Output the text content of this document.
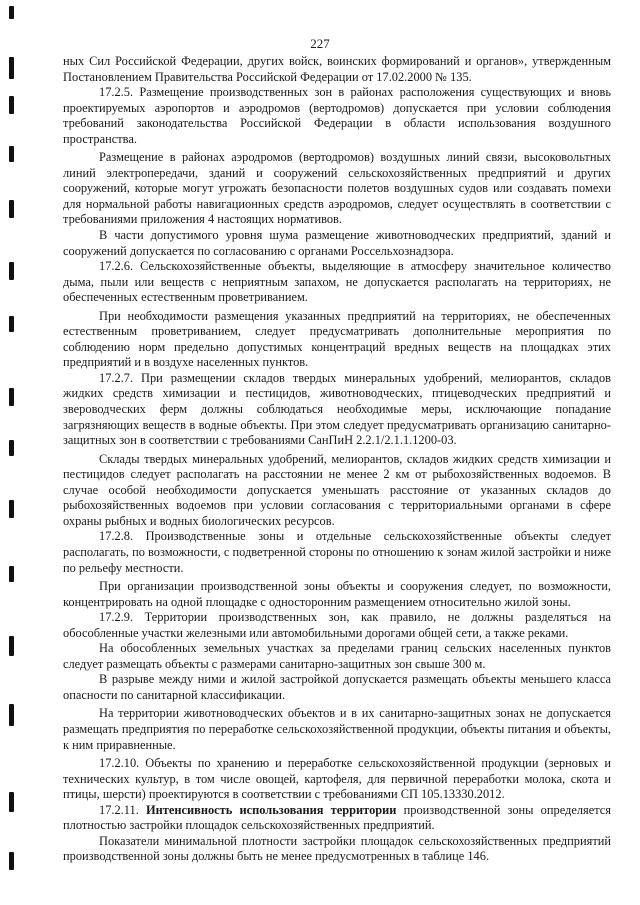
227

ных Сил Российской Федерации, других войск, воинских формирований и органов», утвержденным Постановлением Правительства Российской Федерации от 17.02.2000 № 135.

17.2.5. Размещение производственных зон в районах расположения существующих и вновь проектируемых аэропортов и аэродромов (вертодромов) допускается при условии соблюдения требований законодательства Российской Федерации в области использования воздушного пространства.

Размещение в районах аэродромов (вертодромов) воздушных линий связи, высоковольтных линий электропередачи, зданий и сооружений сельскохозяйственных предприятий и других сооружений, которые могут угрожать безопасности полетов воздушных судов или создавать помехи для нормальной работы навигационных средств аэродромов, следует осуществлять в соответствии с требованиями приложения 4 настоящих нормативов.

В части допустимого уровня шума размещение животноводческих предприятий, зданий и сооружений допускается по согласованию с органами Россельхознадзора.

17.2.6. Сельскохозяйственные объекты, выделяющие в атмосферу значительное количество дыма, пыли или веществ с неприятным запахом, не допускается располагать на территориях, не обеспеченных естественным проветриванием.

При необходимости размещения указанных предприятий на территориях, не обеспеченных естественным проветриванием, следует предусматривать дополнительные мероприятия по соблюдению норм предельно допустимых концентраций вредных веществ на площадках этих предприятий и в воздухе населенных пунктов.

17.2.7. При размещении складов твердых минеральных удобрений, мелиорантов, складов жидких средств химизации и пестицидов, животноводческих, птицеводческих предприятий и звероводческих ферм должны соблюдаться необходимые меры, исключающие попадание загрязняющих веществ в водные объекты. При этом следует предусматривать организацию санитарно-защитных зон в соответствии с требованиями СанПиН 2.2.1/2.1.1.1200-03.

Склады твердых минеральных удобрений, мелиорантов, складов жидких средств химизации и пестицидов следует располагать на расстоянии не менее 2 км от рыбохозяйственных водоемов. В случае особой необходимости допускается уменьшать расстояние от указанных складов до рыбохозяйственных водоемов при условии согласования с территориальными органами в сфере охраны рыбных и водных биологических ресурсов.

17.2.8. Производственные зоны и отдельные сельскохозяйственные объекты следует располагать, по возможности, с подветренной стороны по отношению к зонам жилой застройки и ниже по рельефу местности.

При организации производственной зоны объекты и сооружения следует, по возможности, концентрировать на одной площадке с односторонним размещением относительно жилой зоны.

17.2.9. Территории производственных зон, как правило, не должны разделяться на обособленные участки железными или автомобильными дорогами общей сети, а также реками.

На обособленных земельных участках за пределами границ сельских населенных пунктов следует размещать объекты с размерами санитарно-защитных зон свыше 300 м.

В разрыве между ними и жилой застройкой допускается размещать объекты меньшего класса опасности по санитарной классификации.

На территории животноводческих объектов и в их санитарно-защитных зонах не допускается размещать предприятия по переработке сельскохозяйственной продукции, объекты питания и объекты, к ним приравненные.

17.2.10. Объекты по хранению и переработке сельскохозяйственной продукции (зерновых и технических культур, в том числе овощей, картофеля, для первичной переработки молока, скота и птицы, шерсти) проектируются в соответствии с требованиями СП 105.13330.2012.

17.2.11. Интенсивность использования территории производственной зоны определяется плотностью застройки площадок сельскохозяйственных предприятий.

Показатели минимальной плотности застройки площадок сельскохозяйственных предприятий производственной зоны должны быть не менее предусмотренных в таблице 146.
